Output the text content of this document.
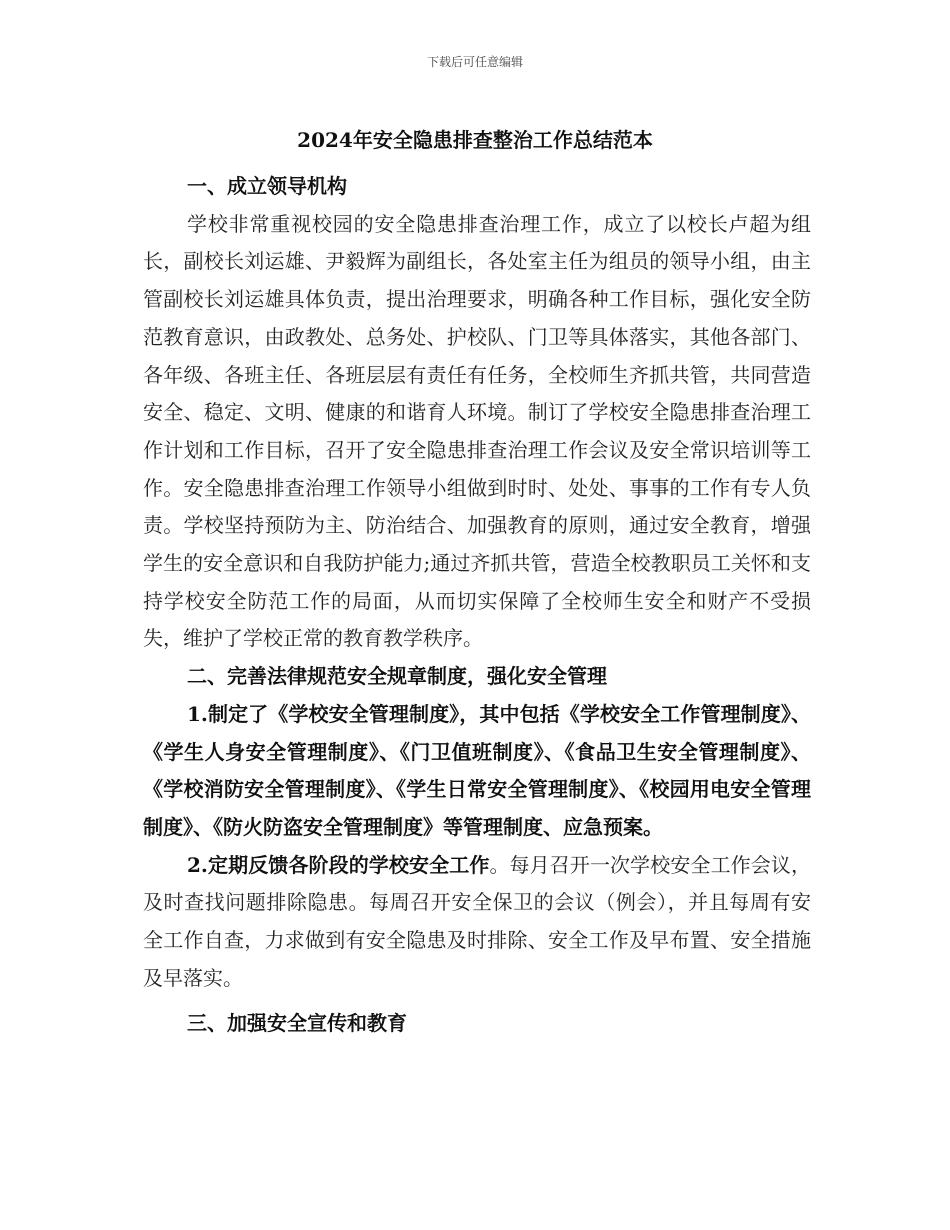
下载后可任意编辑
2024年安全隐患排查整治工作总结范本

一、成立领导机构

学校非常重视校园的安全隐患排查治理工作，成立了以校长卢超为组长，副校长刘运雄、尹毅辉为副组长，各处室主任为组员的领导小组，由主管副校长刘运雄具体负责，提出治理要求，明确各种工作目标，强化安全防范教育意识，由政教处、总务处、护校队、门卫等具体落实，其他各部门、各年级、各班主任、各班层层有责任有任务，全校师生齐抓共管，共同营造安全、稳定、文明、健康的和谐育人环境。制订了学校安全隐患排查治理工作计划和工作目标，召开了安全隐患排查治理工作会议及安全常识培训等工作。安全隐患排查治理工作领导小组做到时时、处处、事事的工作有专人负责。学校坚持预防为主、防治结合、加强教育的原则，通过安全教育，增强学生的安全意识和自我防护能力;通过齐抓共管，营造全校教职员工关怀和支持学校安全防范工作的局面，从而切实保障了全校师生安全和财产不受损失，维护了学校正常的教育教学秩序。

二、完善法律规范安全规章制度，强化安全管理

1.制定了《学校安全管理制度》，其中包括《学校安全工作管理制度》、《学生人身安全管理制度》、《门卫值班制度》、《食品卫生安全管理制度》、《学校消防安全管理制度》、《学生日常安全管理制度》、《校园用电安全管理制度》、《防火防盗安全管理制度》等管理制度、应急预案。

2.定期反馈各阶段的学校安全工作。每月召开一次学校安全工作会议，及时查找问题排除隐患。每周召开安全保卫的会议（例会），并且每周有安全工作自查，力求做到有安全隐患及时排除、安全工作及早布置、安全措施及早落实。

三、加强安全宣传和教育
